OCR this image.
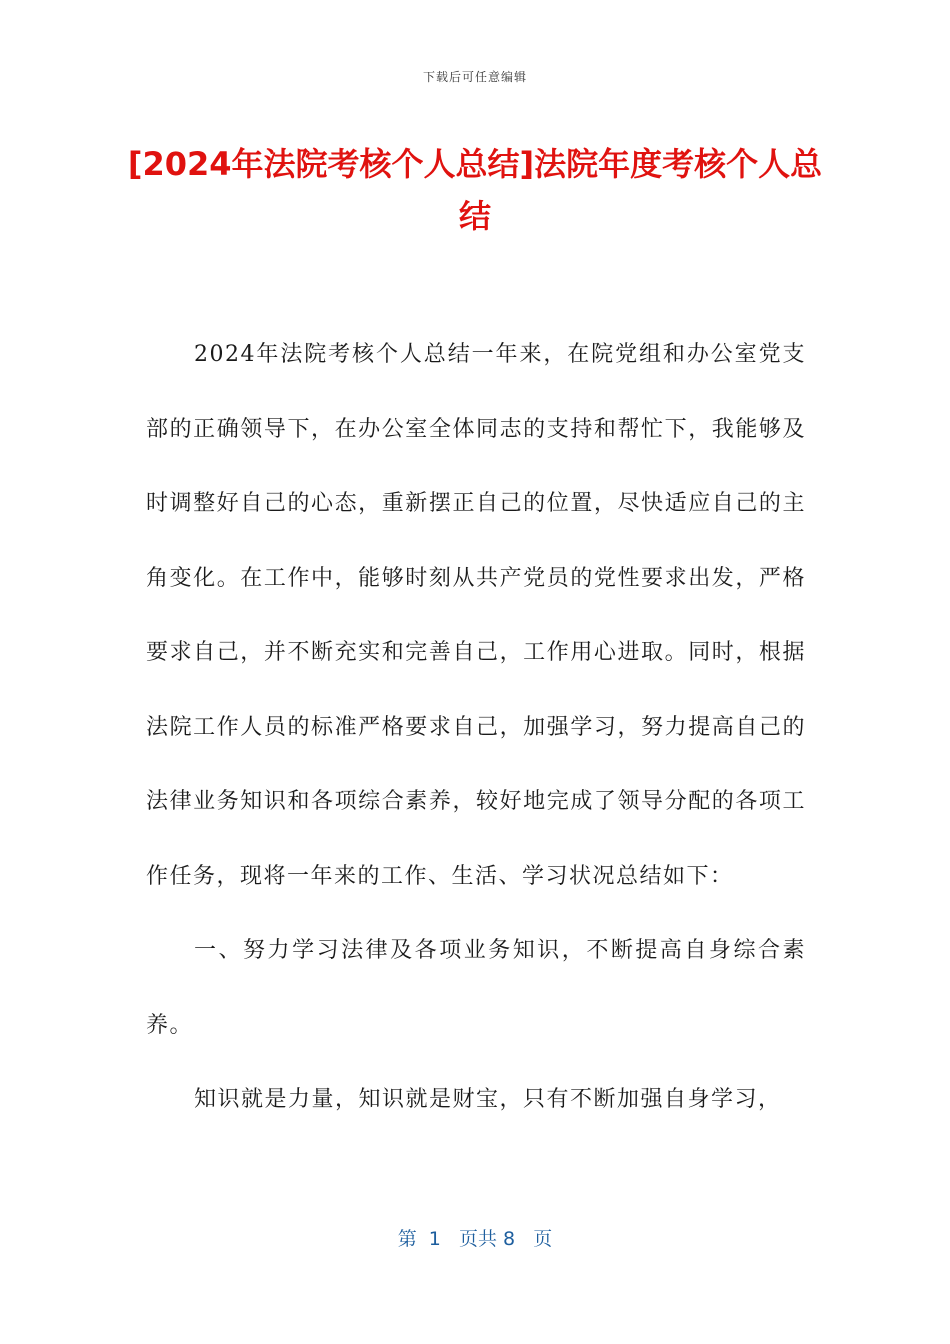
下载后可任意编辑
[2024年法院考核个人总结]法院年度考核个人总结

2024年法院考核个人总结一年来，在院党组和办公室党支部的正确领导下，在办公室全体同志的支持和帮忙下，我能够及时调整好自己的心态，重新摆正自己的位置，尽快适应自己的主角变化。在工作中，能够时刻从共产党员的党性要求出发，严格要求自己，并不断充实和完善自己，工作用心进取。同时，根据法院工作人员的标准严格要求自己，加强学习，努力提高自己的法律业务知识和各项综合素养，较好地完成了领导分配的各项工作任务，现将一年来的工作、生活、学习状况总结如下：

一、努力学习法律及各项业务知识，不断提高自身综合素养。

知识就是力量，知识就是财宝，只有不断加强自身学习，

第  1   页共 8   页
